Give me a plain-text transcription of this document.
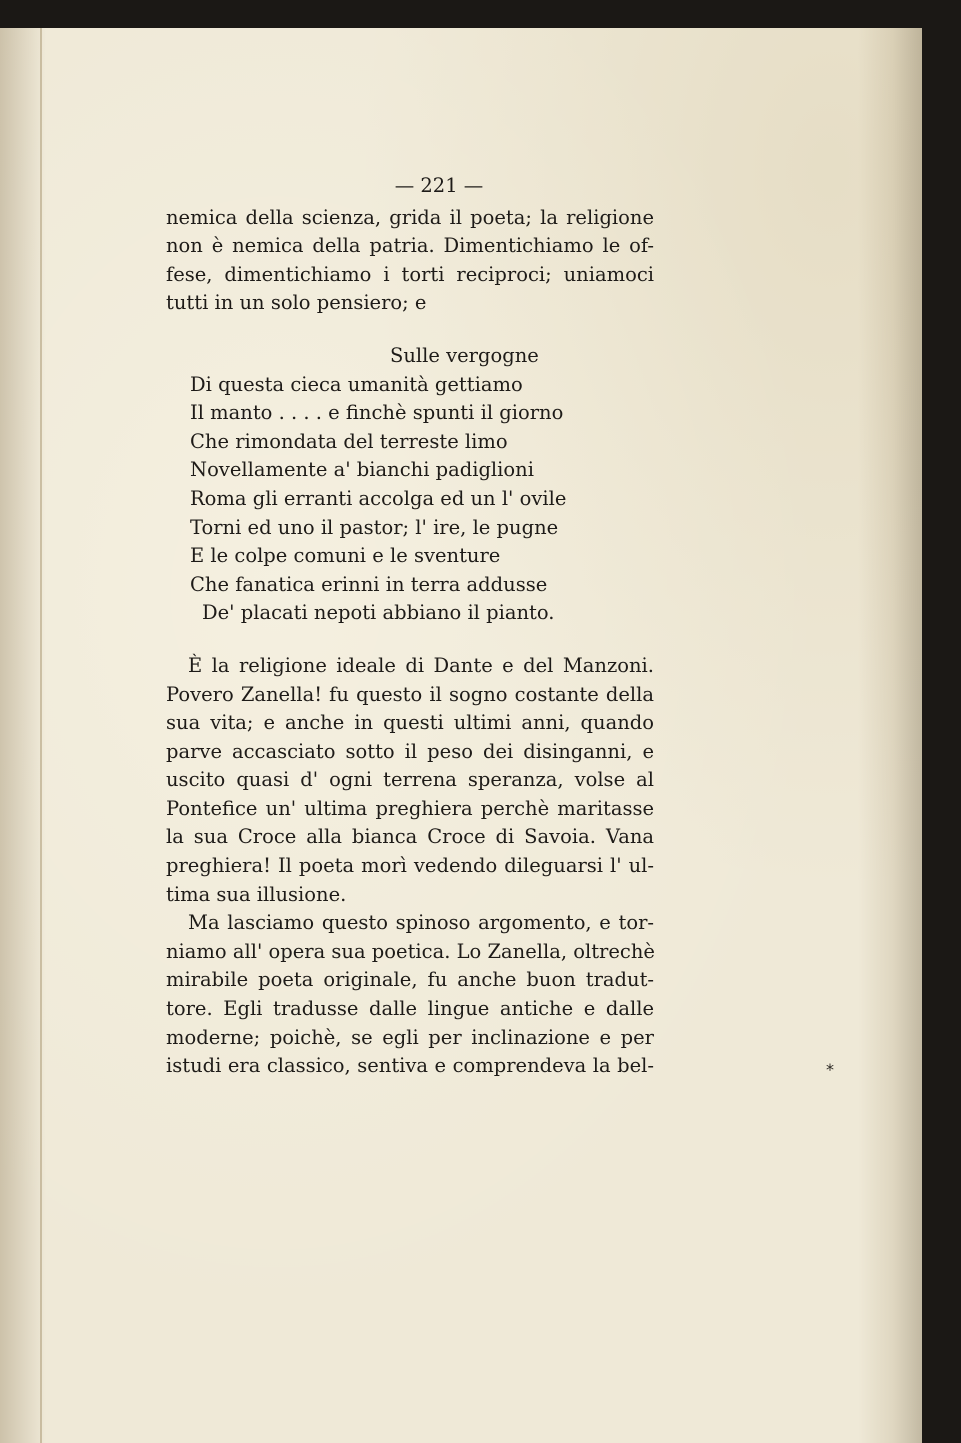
— 221 —
nemica della scienza, grida il poeta; la religione
non è nemica della patria. Dimentichiamo le of-
fese, dimentichiamo i torti reciproci; uniamoci
tutti in un solo pensiero; e
Sulle vergogne
Di questa cieca umanità gettiamo
Il manto . . . . e finchè spunti il giorno
Che rimondata del terreste limo
Novellamente a' bianchi padiglioni
Roma gli erranti accolga ed un l' ovile
Torni ed uno il pastor; l' ire, le pugne
E le colpe comuni e le sventure
Che fanatica erinni in terra addusse
De' placati nepoti abbiano il pianto.
È la religione ideale di Dante e del Manzoni.
Povero Zanella! fu questo il sogno costante della
sua vita; e anche in questi ultimi anni, quando
parve accasciato sotto il peso dei disinganni, e
uscito quasi d' ogni terrena speranza, volse al
Pontefice un' ultima preghiera perchè maritasse
la sua Croce alla bianca Croce di Savoia. Vana
preghiera! Il poeta morì vedendo dileguarsi l' ul-
tima sua illusione.
Ma lasciamo questo spinoso argomento, e tor-
niamo all' opera sua poetica. Lo Zanella, oltrechè
mirabile poeta originale, fu anche buon tradut-
tore. Egli tradusse dalle lingue antiche e dalle
moderne; poichè, se egli per inclinazione e per
istudi era classico, sentiva e comprendeva la bel-	*
